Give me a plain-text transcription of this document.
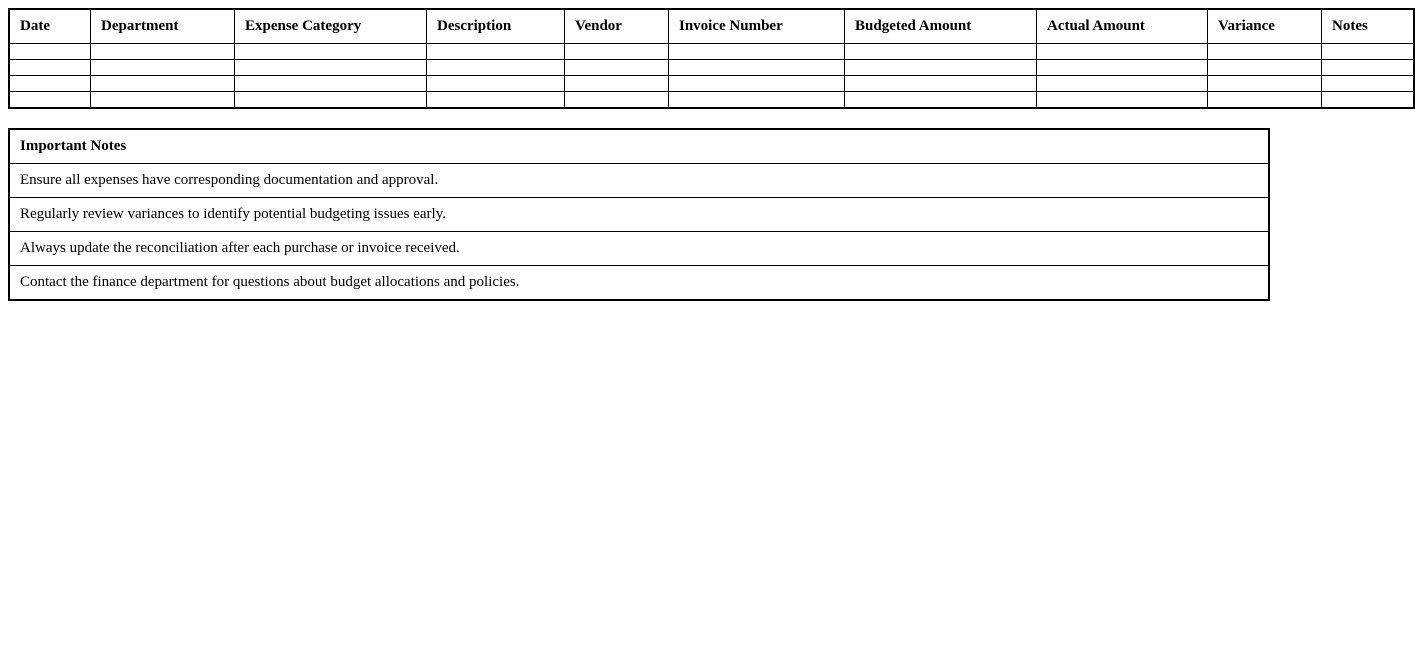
Date	Department	Expense Category	Description	Vendor	Invoice Number	Budgeted Amount	Actual Amount	Variance	Notes

Important Notes
Ensure all expenses have corresponding documentation and approval.
Regularly review variances to identify potential budgeting issues early.
Always update the reconciliation after each purchase or invoice received.
Contact the finance department for questions about budget allocations and policies.
